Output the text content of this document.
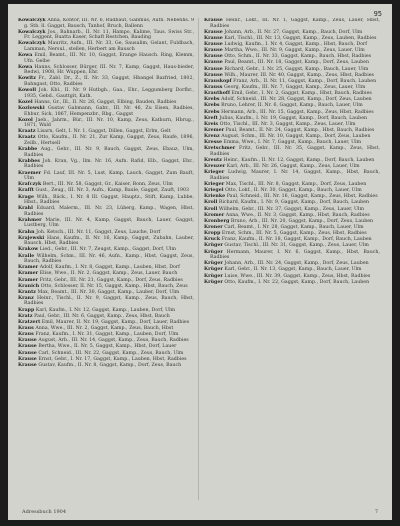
95

Kowalczyk Anna, Kontor, III. Nr. 6, Rudbaut, Gabmus, Aufn. Nebenhs. 9 g. Stb. ll. Gaggst, Bausch, Tanhof, Bruch, Ballenn

Kowalczyk Jos., Bahnarb., II. Nr. 11, Hampo, Kalime, Taus. Swiss Str., Fr. Leggent, Buatta Kaser, Schaft Restchen, Bauding

Kowalczyk Mauritz, Aufn., III. Nr. 33, Ge, Sausalim, Gelant, Fuldbach, Lamman, Nersul., stellen, Herbert am Bausch

Kowa Emil, Beamt., III. Nr. 10, Gaggst, Erange Hausch. Ring, Klemm, Ufn. Gelbe

Kowa Hanns, Schlosser, Bürger, III. Nr. 7, Kamp, Gaggst, Haus-bieder, Redwi, 1908, Hr. Wuppen, Ehr.

Kowitz Fr., Zabl. Dr., Z., II. Nr. 33, Gaggst, Hbangel Bazfried, 1802, Bahngast, Otto, Radbies

Kowoll Joh. Kbl., II. Nr. 9 Hutbgh., Gaa., Ehr., Leggumberg Dorfbr., 1935, Gebd., Gauttgit, Kath.

Kozel Hanns, Gr., Ill., II. Nr. 26, Gaggst, Elbing, Bauden, Radbies

Kozlowski Gustav Gabmann, Gabr., III. Nr. 46, Zu Eisen, Radbies, Ehbur, Sick, 1867, Hempenzbr., Rbg., Gaggst

Kozol Jaeb., Jahrm., Bür., III. Nr. 10, Kamp, Zeus, Kathurn, Hbrug., 1871, Wald

Kraatz Lisarn, Gelt, I. Nr. 1, Gaggst, Dillen, Gaggst, Erlm, Gelt

Kraatz Otto, Kaufm., II. Nr. 21, Zur Kamp, Gaggst, Zeus, Raufe, 1896, Zeilb., Hertsell

Krabbe Aug., Gebr., III. Nr. 9, Bauch, Gaggst, Zeus, Ebauz, Ulm, Radbies

Krabbes Joh. Kran, Vg., Ilm. Nr. 16, Aufn. Rafid, Elb., Gaggst, Ehr., Radbies

Kraemer Fd. Lauf, III. Nr. 5, Lust, Kamp, Lauch, Gaggst, Zum Bauft, Ulm

Krafczyk Bert., III. Nr. 58, Gaggst, Gr., Kaiser, Bonn, Zeus, Ulm

Krafft Gust., Zeug., III. Nr. 3, Aufn., Kamp, Baule, Gaggst, Zauft, 1903

Krage Wilh., Bäck., I. Nr. 8 Ill. Gaggst, Hauptz., Stift, Kamp, Lubbe, Hbst., Radbies

Krahl Eduard, Malerm., III. Nr. 23, Lüberg, Kamp., Wagen, Hbst, Radbies

Krahmer Marie, III. Nr. 4, Kamp, Gaggst, Bauch, Lauer, Gaggst, Lustberg, Ulm

Krahn Joh. Ketsch., III. Nr. 11, Gaggst, Zeus, Lauche, Dorf

Krajewski Hans, Kaufm., II. Nr. 16, Kamp, Gaggst, Zubahn, Lauber, Bausch, Hbst, Radbies

Krakow Lied., Gebr., III. Nr. 7, Zeugst, Kamp., Gaggst, Dorf, Ulm

Kralle Wilhelm, Schm., III. Nr. 46, Aufn., Kamp., Hbst, Gaggst, Zeus, Bauch, Radbies

Kramer Adolf, Kaufm., I. Nr. 8, Gaggst, Kamp., Lauben, Hbst, Dorf

Kramer Elise, Wwe., II. Nr. 2, Gaggst, Kamp., Zeus, Lauer, Bauch

Kramer Fritz, Gebr., III. Nr. 21, Gaggst, Kamp., Dorf, Zeus, Radbies

Kranich Otto, Schlosser, II. Nr. 15, Gaggst, Kamp., Hbst, Bauch, Zeus

Krantz Max, Beamt., III. Nr. 30, Gaggst, Kamp., Lauber, Dorf, Ulm

Kranz Heinr., Tischl., II. Nr. 9, Gaggst, Kamp., Zeus, Bauch, Hbst, Radbies

Krapp Karl, Kaufm., I. Nr. 12, Gaggst, Kamp., Lauben, Dorf, Ulm

Kratz Paul, Gebr., III. Nr. 6, Gaggst, Kamp., Zeus, Hbst, Bauch

Kratzert Emil, Maurer, II. Nr. 19, Gaggst, Kamp., Dorf, Lauer, Radbies

Kraus Anna, Wwe., III. Nr. 2, Gaggst, Kamp., Zeus, Bauch, Hbst

Kraus Franz, Kaufm., I. Nr. 31, Gaggst, Kamp., Lauben, Dorf, Ulm

Krause August, Arb., III. Nr. 14, Gaggst, Kamp., Zeus, Bauch, Radbies

Krause Bertha, Wwe., II. Nr. 5, Gaggst, Kamp., Hbst, Dorf, Lauer

Krause Carl, Schneid., III. Nr. 22, Gaggst, Kamp., Zeus, Bauch, Ulm

Krause Ernst, Gebr., I. Nr. 17, Gaggst, Kamp., Lauben, Hbst, Radbies

Krause Gustav, Kaufm., II. Nr. 8, Gaggst, Kamp., Dorf, Zeus, Bauch

Krause Heinr., Lokf., III. Nr. 1, Gaggst, Kamp., Zeus, Lauer, Hbst, Radbies

Krause Johann, Arb., II. Nr. 27, Gaggst, Kamp., Bauch, Dorf, Ulm

Krause Karl, Tischl., III. Nr. 13, Gaggst, Kamp., Zeus, Lauben, Radbies

Krause Ludwig, Kaufm., I. Nr. 4, Gaggst, Kamp., Hbst, Bauch, Dorf

Krause Martha, Wwe., III. Nr. 9, Gaggst, Kamp., Zeus, Lauer, Ulm

Krause Otto, Schm., II. Nr. 33, Gaggst, Kamp., Bauch, Hbst, Radbies

Krause Paul, Beamt., III. Nr. 18, Gaggst, Kamp., Dorf, Zeus, Lauben

Krause Richard, Gebr., I. Nr. 25, Gaggst, Kamp., Bauch, Lauer, Ulm

Krause Wilh., Maurer, III. Nr. 40, Gaggst, Kamp., Zeus, Hbst, Radbies

Krauskopf Franz, Arb., II. Nr. 11, Gaggst, Kamp., Dorf, Bauch, Lauben

Krauss Georg, Kaufm., III. Nr. 7, Gaggst, Kamp., Zeus, Lauer, Ulm

Krauthoff Emil, Gebr., I. Nr. 2, Gaggst, Kamp., Hbst, Bauch, Radbies

Krebs Adolf, Schneid., III. Nr. 28, Gaggst, Kamp., Dorf, Zeus, Lauben

Krebs Bruno, Lehrer, II. Nr. 6, Gaggst, Kamp., Bauch, Lauer, Ulm

Krebs Hermann, Arb., III. Nr. 15, Gaggst, Kamp., Zeus, Hbst, Radbies

Kreft Julius, Kaufm., I. Nr. 19, Gaggst, Kamp., Dorf, Bauch, Lauben

Kreis Otto, Tischl., III. Nr. 3, Gaggst, Kamp., Zeus, Lauer, Ulm

Kremer Paul, Beamt., II. Nr. 24, Gaggst, Kamp., Hbst, Bauch, Radbies

Krenz August, Schm., III. Nr. 10, Gaggst, Kamp., Dorf, Zeus, Lauben

Kresse Emma, Wwe., I. Nr. 7, Gaggst, Kamp., Bauch, Lauer, Ulm

Kretschmer Fritz, Gebr., III. Nr. 35, Gaggst, Kamp., Zeus, Hbst, Radbies

Kreutz Heinr., Kaufm., II. Nr. 12, Gaggst, Kamp., Dorf, Bauch, Lauben

Kreuzer Karl, Arb., III. Nr. 26, Gaggst, Kamp., Zeus, Lauer, Ulm

Krieger Ludwig, Maurer, I. Nr. 14, Gaggst, Kamp., Hbst, Bauch, Radbies

Krieger Max, Tischl., III. Nr. 8, Gaggst, Kamp., Dorf, Zeus, Lauben

Kriegel Otto, Lokf., II. Nr. 30, Gaggst, Kamp., Bauch, Lauer, Ulm

Krienke Paul, Schneid., III. Nr. 16, Gaggst, Kamp., Zeus, Hbst, Radbies

Kroll Richard, Kaufm., I. Nr. 9, Gaggst, Kamp., Dorf, Bauch, Lauben

Kroll Wilhelm, Gebr., III. Nr. 37, Gaggst, Kamp., Zeus, Lauer, Ulm

Kromer Anna, Wwe., II. Nr. 3, Gaggst, Kamp., Hbst, Bauch, Radbies

Kronberg Bruno, Arb., III. Nr. 20, Gaggst, Kamp., Dorf, Zeus, Lauben

Kroner Carl, Beamt., I. Nr. 28, Gaggst, Kamp., Bauch, Lauer, Ulm

Kropp Ernst, Schm., III. Nr. 5, Gaggst, Kamp., Zeus, Hbst, Radbies

Kruck Franz, Kaufm., II. Nr. 18, Gaggst, Kamp., Dorf, Bauch, Lauben

Krüger Gustav, Tischl., III. Nr. 31, Gaggst, Kamp., Zeus, Lauer, Ulm

Krüger Hermann, Maurer, I. Nr. 6, Gaggst, Kamp., Hbst, Bauch, Radbies

Krüger Johann, Arb., III. Nr. 24, Gaggst, Kamp., Dorf, Zeus, Lauben

Krüger Karl, Gebr., II. Nr. 13, Gaggst, Kamp., Bauch, Lauer, Ulm

Krüger Luise, Wwe., III. Nr. 39, Gaggst, Kamp., Zeus, Hbst, Radbies

Krüger Otto, Kaufm., I. Nr. 22, Gaggst, Kamp., Dorf, Bauch, Lauben

Adressbuch 1904	7
